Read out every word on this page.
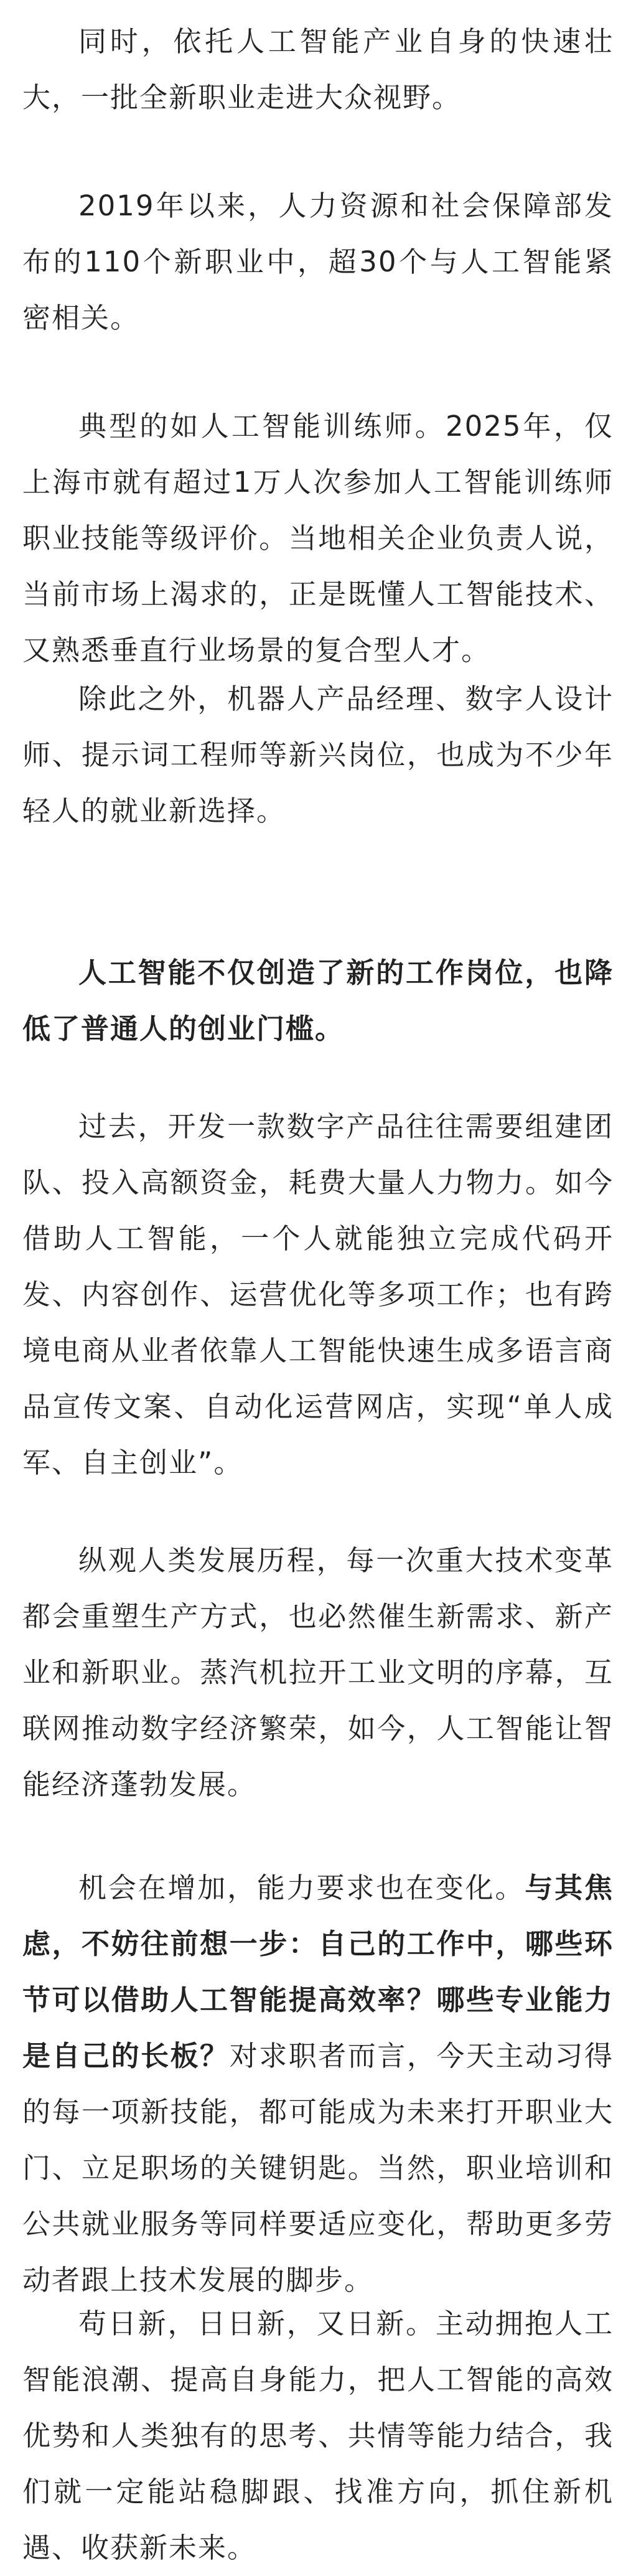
同时，依托人工智能产业自身的快速壮大，一批全新职业走进大众视野。

2019年以来，人力资源和社会保障部发布的110个新职业中，超30个与人工智能紧密相关。

典型的如人工智能训练师。2025年，仅上海市就有超过1万人次参加人工智能训练师职业技能等级评价。当地相关企业负责人说，当前市场上渴求的，正是既懂人工智能技术、又熟悉垂直行业场景的复合型人才。

除此之外，机器人产品经理、数字人设计师、提示词工程师等新兴岗位，也成为不少年轻人的就业新选择。

人工智能不仅创造了新的工作岗位，也降低了普通人的创业门槛。

过去，开发一款数字产品往往需要组建团队、投入高额资金，耗费大量人力物力。如今借助人工智能，一个人就能独立完成代码开发、内容创作、运营优化等多项工作；也有跨境电商从业者依靠人工智能快速生成多语言商品宣传文案、自动化运营网店，实现“单人成军、自主创业”。

纵观人类发展历程，每一次重大技术变革都会重塑生产方式，也必然催生新需求、新产业和新职业。蒸汽机拉开工业文明的序幕，互联网推动数字经济繁荣，如今，人工智能让智能经济蓬勃发展。

机会在增加，能力要求也在变化。与其焦虑，不妨往前想一步：自己的工作中，哪些环节可以借助人工智能提高效率？哪些专业能力是自己的长板？对求职者而言，今天主动习得的每一项新技能，都可能成为未来打开职业大门、立足职场的关键钥匙。当然，职业培训和公共就业服务等同样要适应变化，帮助更多劳动者跟上技术发展的脚步。

苟日新，日日新，又日新。主动拥抱人工智能浪潮、提高自身能力，把人工智能的高效优势和人类独有的思考、共情等能力结合，我们就一定能站稳脚跟、找准方向，抓住新机遇、收获新未来。
